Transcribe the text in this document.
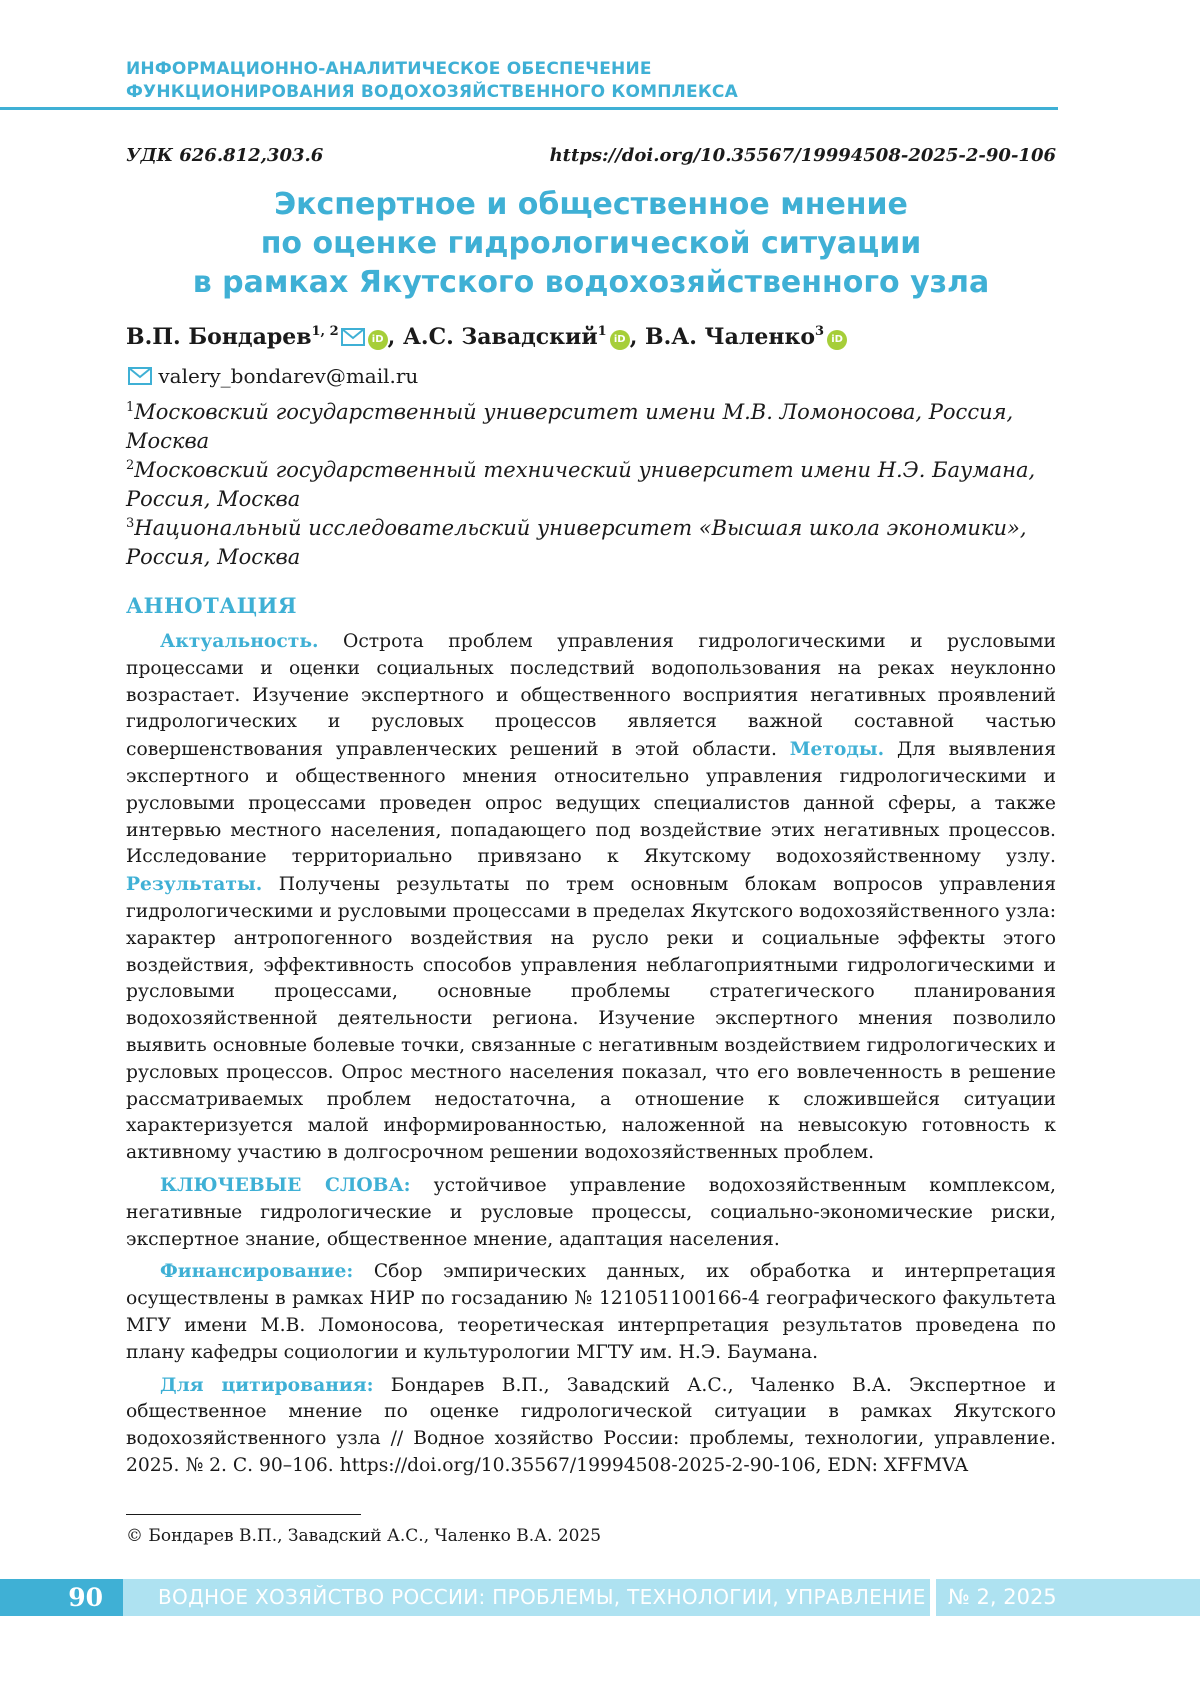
ИНФОРМАЦИОННО-АНАЛИТИЧЕСКОЕ ОБЕСПЕЧЕНИЕ
ФУНКЦИОНИРОВАНИЯ ВОДОХОЗЯЙСТВЕННОГО КОМПЛЕКСА
УДК 626.812,303.6	https://doi.org/10.35567/19994508-2025-2-90-106
Экспертное и общественное мнение
по оценке гидрологической ситуации
в рамках Якутского водохозяйственного узла
В.П. Бондарев$^{1, 2}$iD , А.С. Завадский$^1$iD , В.А. Чаленко$^3$iD
valery_bondarev@mail.ru

$^1$Московский государственный университет имени М.В. Ломоносова, Россия, Москва

$^2$Московский государственный технический университет имени Н.Э. Баумана, Россия, Москва

$^3$Национальный исследовательский университет «Высшая школа экономики», Россия, Москва

АННОТАЦИЯ

Актуальность. Острота проблем управления гидрологическими и русловыми процессами и оценки социальных последствий водопользования на реках неуклонно возрастает. Изучение экспертного и общественного восприятия негативных проявлений гидрологических и русловых процессов является важной составной частью совершенствования управленческих решений в этой области. Методы. Для выявления экспертного и общественного мнения относительно управления гидрологическими и русловыми процессами проведен опрос ведущих специалистов данной сферы, а также интервью местного населения, попадающего под воздействие этих негативных процессов. Исследование территориально привязано к Якутскому водохозяйственному узлу. Результаты. Получены результаты по трем основным блокам вопросов управления гидрологическими и русловыми процессами в пределах Якутского водохозяйственного узла: характер антропогенного воздействия на русло реки и социальные эффекты этого воздействия, эффективность способов управления неблагоприятными гидрологическими и русловыми процессами, основные проблемы стратегического планирования водохозяйственной деятельности региона. Изучение экспертного мнения позволило выявить основные болевые точки, связанные с негативным воздействием гидрологических и русловых процессов. Опрос местного населения показал, что его вовлеченность в решение рассматриваемых проблем недостаточна, а отношение к сложившейся ситуации характеризуется малой информированностью, наложенной на невысокую готовность к активному участию в долгосрочном решении водохозяйственных проблем.

КЛЮЧЕВЫЕ СЛОВА: устойчивое управление водохозяйственным комплексом, негативные гидрологические и русловые процессы, социально-экономические риски, экспертное знание, общественное мнение, адаптация населения.

Финансирование: Сбор эмпирических данных, их обработка и интерпретация осуществлены в рамках НИР по госзаданию № 121051100166-4 географического факультета МГУ имени М.В. Ломоносова, теоретическая интерпретация результатов проведена по плану кафедры социологии и культурологии МГТУ им. Н.Э. Баумана.

Для цитирования: Бондарев В.П., Завадский А.С., Чаленко В.А. Экспертное и общественное мнение по оценке гидрологической ситуации в рамках Якутского водохозяйственного узла // Водное хозяйство России: проблемы, технологии, управление. 2025. № 2. С. 90–106. https://doi.org/10.35567/19994508-2025-2-90-106, EDN: XFFMVA

© Бондарев В.П., Завадский А.С., Чаленко В.А. 2025
90	ВОДНОЕ ХОЗЯЙСТВО РОССИИ: ПРОБЛЕМЫ, ТЕХНОЛОГИИ, УПРАВЛЕНИЕ № 2, 2025
